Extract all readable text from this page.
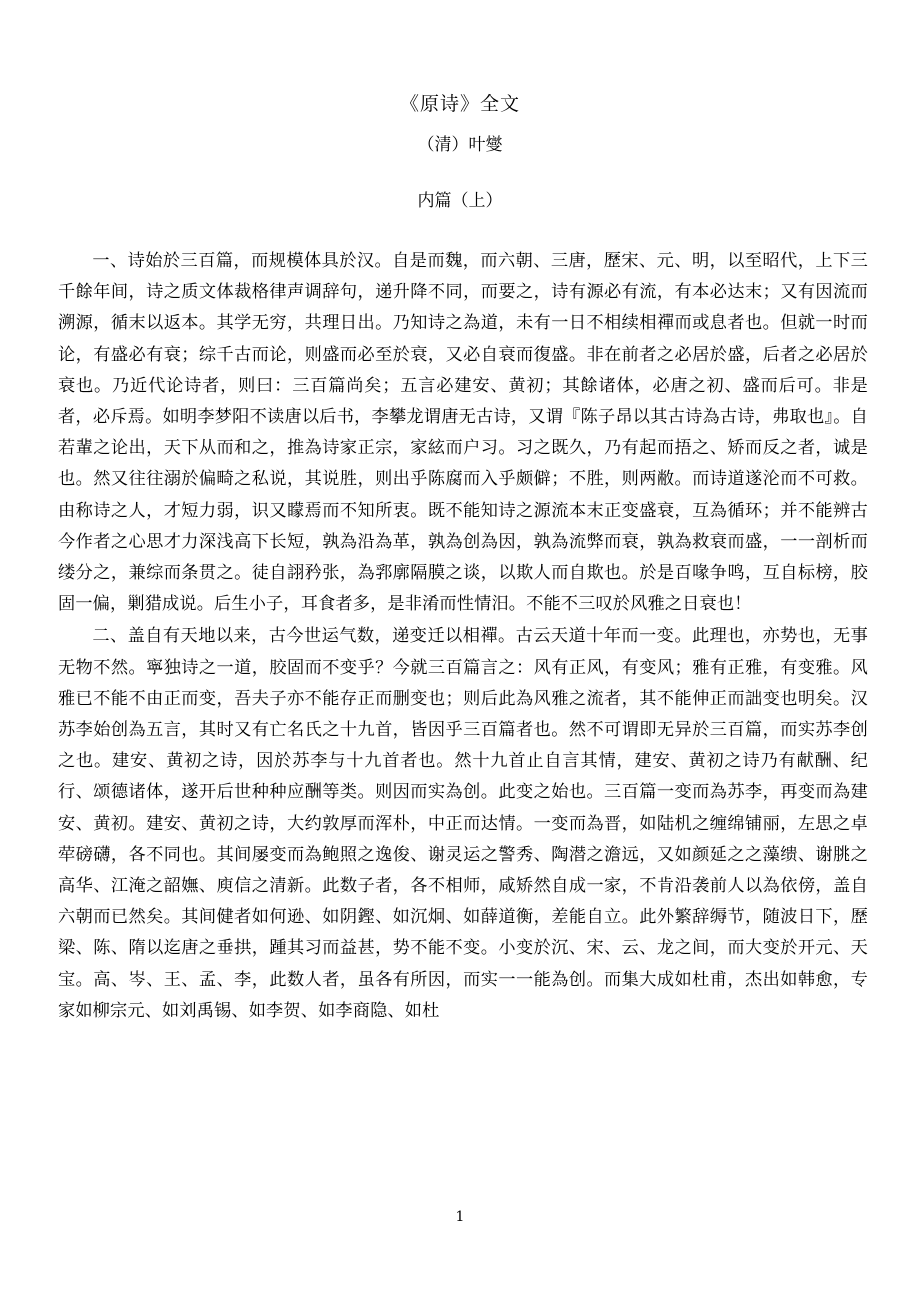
《原诗》全文
（清）叶燮
内篇（上）

一、诗始於三百篇，而规模体具於汉。自是而魏，而六朝、三唐，歷宋、元、明，以至昭代，上下三千餘年间，诗之质文体裁格律声调辞句，递升降不同，而要之，诗有源必有流，有本必达末；又有因流而溯源，循末以返本。其学无穷，共理日出。乃知诗之為道，未有一日不相续相禪而或息者也。但就一时而论，有盛必有衰；综千古而论，则盛而必至於衰，又必自衰而復盛。非在前者之必居於盛，后者之必居於衰也。乃近代论诗者，则曰：三百篇尚矣；五言必建安、黄初；其餘诸体，必唐之初、盛而后可。非是者，必斥焉。如明李梦阳不读唐以后书，李攀龙谓唐无古诗，又谓『陈子昂以其古诗為古诗，弗取也』。自若輩之论出，天下从而和之，推為诗家正宗，家絃而户习。习之既久，乃有起而捂之、矫而反之者，诚是也。然又往往溺於偏畸之私说，其说胜，则出乎陈腐而入乎颇僻；不胜，则两敝。而诗道遂沦而不可救。由称诗之人，才短力弱，识又矇焉而不知所衷。既不能知诗之源流本末正变盛衰，互為循环；并不能辨古今作者之心思才力深浅高下长短，孰為沿為革，孰為创為因，孰為流弊而衰，孰為救衰而盛，一一剖析而缕分之，兼综而条贯之。徒自詡矜张，為郛廓隔膜之谈，以欺人而自欺也。於是百喙争鸣，互自标榜，胶固一偏，剿猎成说。后生小子，耳食者多，是非淆而性情汨。不能不三叹於风雅之日衰也！

二、盖自有天地以来，古今世运气数，递变迁以相禪。古云天道十年而一变。此理也，亦势也，无事无物不然。寧独诗之一道，胶固而不变乎？今就三百篇言之：风有正风，有变风；雅有正雅，有变雅。风雅已不能不由正而变，吾夫子亦不能存正而删变也；则后此為风雅之流者，其不能伸正而詘变也明矣。汉苏李始创為五言，其时又有亡名氏之十九首，皆因乎三百篇者也。然不可谓即无异於三百篇，而实苏李创之也。建安、黄初之诗，因於苏李与十九首者也。然十九首止自言其情，建安、黄初之诗乃有献酬、纪行、颂德诸体，遂开后世种种应酬等类。则因而实為创。此变之始也。三百篇一变而為苏李，再变而為建安、黄初。建安、黄初之诗，大约敦厚而浑朴，中正而达情。一变而為晋，如陆机之缠绵铺丽，左思之卓荦磅礴，各不同也。其间屡变而為鲍照之逸俊、谢灵运之警秀、陶潜之澹远，又如颜延之之藻缋、谢朓之高华、江淹之韶嫵、庾信之清新。此数子者，各不相师，咸矫然自成一家，不肯沿袭前人以為依傍，盖自六朝而已然矣。其间健者如何逊、如阴鏗、如沉炯、如薛道衡，差能自立。此外繁辞缛节，随波日下，歷梁、陈、隋以迄唐之垂拱，踵其习而益甚，势不能不变。小变於沉、宋、云、龙之间，而大变於开元、天宝。高、岑、王、孟、李，此数人者，虽各有所因，而实一一能為创。而集大成如杜甫，杰出如韩愈，专家如柳宗元、如刘禹锡、如李贺、如李商隐、如杜

1
